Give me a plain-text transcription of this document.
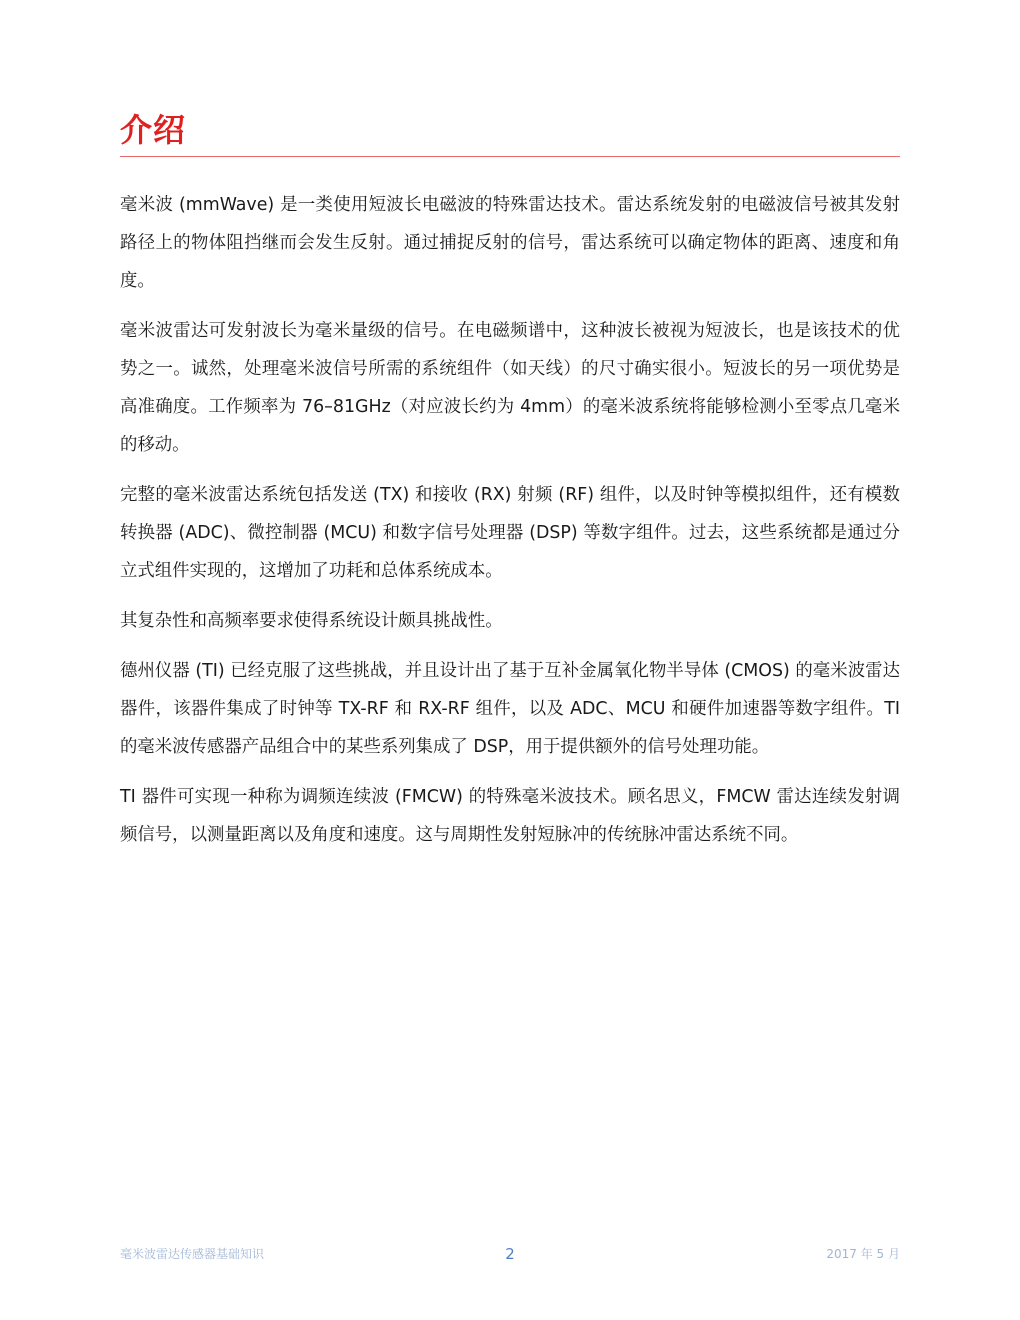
介绍

毫米波 (mmWave) 是一类使用短波长电磁波的特殊雷达技术。雷达系统发射的电磁波信号被其发射路径上的物体阻挡继而会发生反射。通过捕捉反射的信号，雷达系统可以确定物体的距离、速度和角度。

毫米波雷达可发射波长为毫米量级的信号。在电磁频谱中，这种波长被视为短波长，也是该技术的优势之一。诚然，处理毫米波信号所需的系统组件（如天线）的尺寸确实很小。短波长的另一项优势是高准确度。工作频率为 76–81GHz（对应波长约为 4mm）的毫米波系统将能够检测小至零点几毫米的移动。

完整的毫米波雷达系统包括发送 (TX) 和接收 (RX) 射频 (RF) 组件，以及时钟等模拟组件，还有模数转换器 (ADC)、微控制器 (MCU) 和数字信号处理器 (DSP) 等数字组件。过去，这些系统都是通过分立式组件实现的，这增加了功耗和总体系统成本。

其复杂性和高频率要求使得系统设计颇具挑战性。

德州仪器 (TI) 已经克服了这些挑战，并且设计出了基于互补金属氧化物半导体 (CMOS) 的毫米波雷达器件，该器件集成了时钟等 TX-RF 和 RX-RF 组件，以及 ADC、MCU 和硬件加速器等数字组件。TI 的毫米波传感器产品组合中的某些系列集成了 DSP，用于提供额外的信号处理功能。

TI 器件可实现一种称为调频连续波 (FMCW) 的特殊毫米波技术。顾名思义，FMCW 雷达连续发射调频信号，以测量距离以及角度和速度。这与周期性发射短脉冲的传统脉冲雷达系统不同。

毫米波雷达传感器基础知识	2	2017 年 5 月
